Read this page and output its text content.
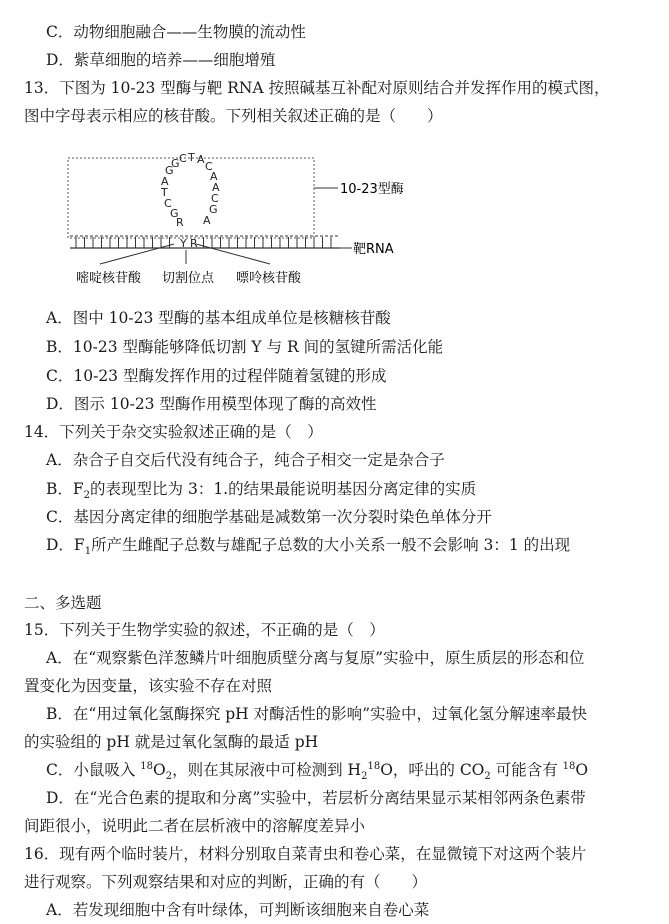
C．动物细胞融合——生物膜的流动性
D．紫草细胞的培养——细胞增殖
13．下图为 10-23 型酶与靶 RNA 按照碱基互补配对原则结合并发挥作用的模式图，
图中字母表示相应的核苷酸。下列相关叙述正确的是（　　）
10-23型酶
靶RNA
G
G C T A
C
A
A
C
G
A
A
T
C
G
R
Y R
嘧啶核苷酸 切割位点 嘌呤核苷酸
A．图中 10-23 型酶的基本组成单位是核糖核苷酸
B．10-23 型酶能够降低切割 Y 与 R 间的氢键所需活化能
C．10-23 型酶发挥作用的过程伴随着氢键的形成
D．图示 10-23 型酶作用模型体现了酶的高效性
14．下列关于杂交实验叙述正确的是（　）
A．杂合子自交后代没有纯合子，纯合子相交一定是杂合子
B．$F_2$的表现型比为 3：1.的结果最能说明基因分离定律的实质
C．基因分离定律的细胞学基础是减数第一次分裂时染色单体分开
D．$F_1$所产生雌配子总数与雄配子总数的大小关系一般不会影响 3：1 的出现
二、多选题
15．下列关于生物学实验的叙述，不正确的是（　）
A．在“观察紫色洋葱鳞片叶细胞质壁分离与复原”实验中，原生质层的形态和位
置变化为因变量，该实验不存在对照
B．在“用过氧化氢酶探究 pH 对酶活性的影响”实验中，过氧化氢分解速率最快
的实验组的 pH 就是过氧化氢酶的最适 pH
C．小鼠吸入 $^{18}O_2$，则在其尿液中可检测到 $H_2^{18}O$，呼出的 $CO_2$ 可能含有 $^{18}$O
D．在“光合色素的提取和分离”实验中，若层析分离结果显示某相邻两条色素带
间距很小，说明此二者在层析液中的溶解度差异小
16．现有两个临时装片，材料分别取自菜青虫和卷心菜，在显微镜下对这两个装片
进行观察。下列观察结果和对应的判断，正确的有（　　）
A．若发现细胞中含有叶绿体，可判断该细胞来自卷心菜
